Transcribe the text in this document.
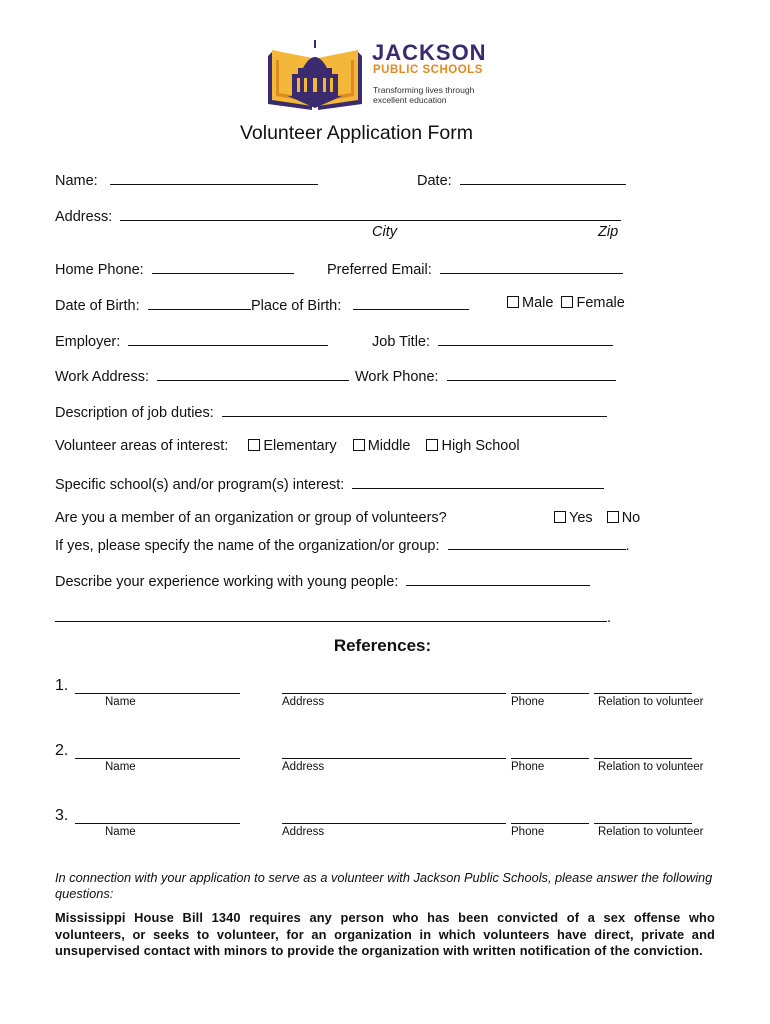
JACKSON
PUBLIC SCHOOLS
Transforming lives through
excellent education
Volunteer Application Form
Name:	Date:
Address:
City	Zip
Home Phone:	Preferred Email:
Date of Birth:	Place of Birth:	Male Female
Employer:	Job Title:
Work Address:	Work Phone:
Description of job duties:
Volunteer areas of interest: Elementary Middle High School
Specific school(s) and/or program(s) interest:
Are you a member of an organization or group of volunteers?	Yes No
If yes, please specify the name of the organization/or group:	.
Describe your experience working with young people:
.
References:
1.
Name	Address	Phone	Relation to volunteer
2.
Name	Address	Phone	Relation to volunteer
3.
Name	Address	Phone	Relation to volunteer
In connection with your application to serve as a volunteer with Jackson Public Schools, please answer the following questions:
Mississippi House Bill 1340 requires any person who has been convicted of a sex offense who volunteers, or seeks to volunteer, for an organization in which volunteers have direct, private and unsupervised contact with minors to provide the organization with written notification of the conviction.
